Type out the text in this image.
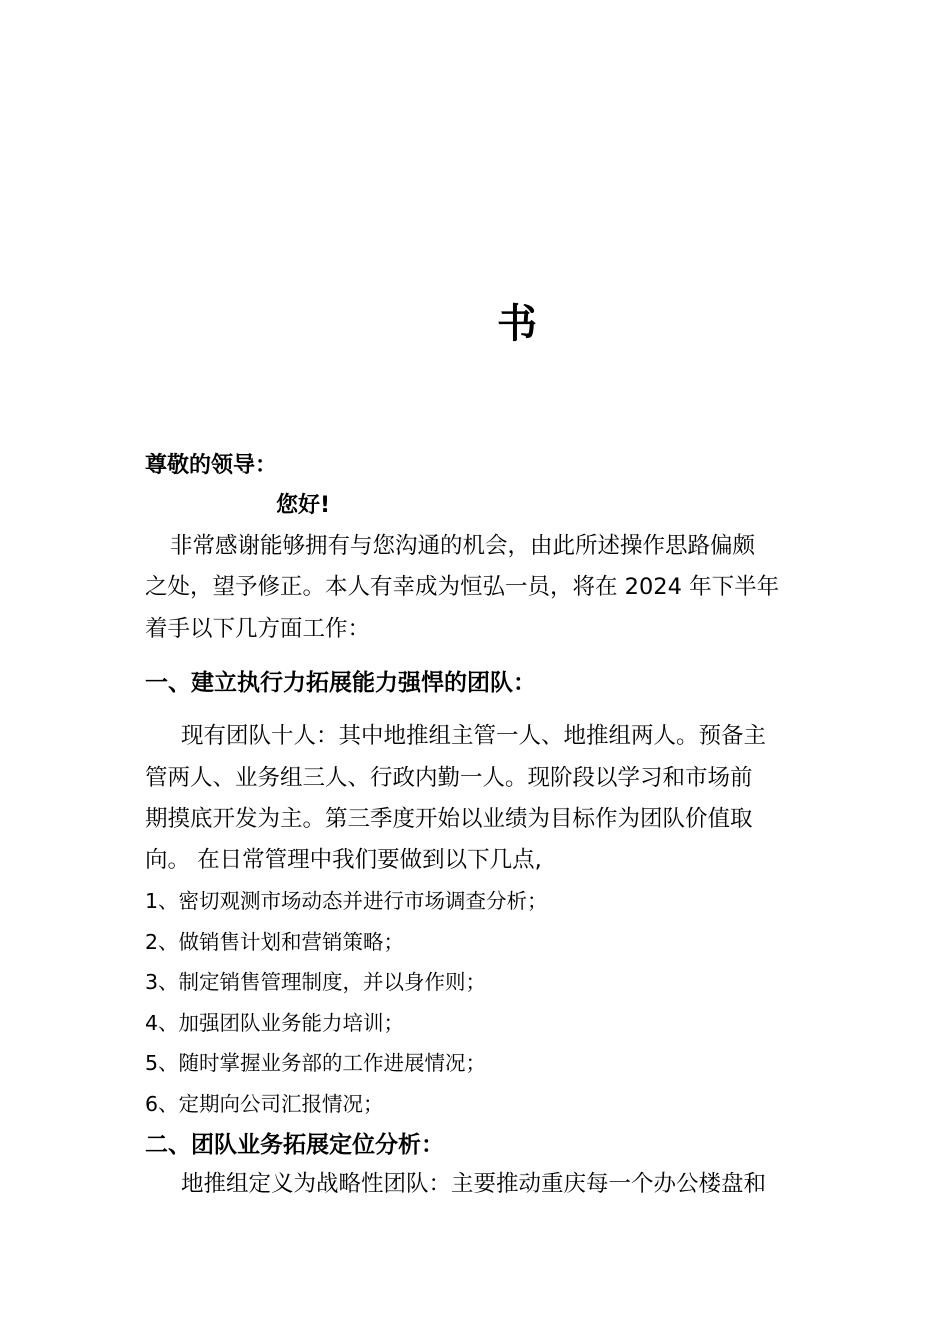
书
尊敬的领导：
您好!
非常感谢能够拥有与您沟通的机会，由此所述操作思路偏颇
之处，望予修正。本人有幸成为恒弘一员，将在 2024 年下半年
着手以下几方面工作：
一、建立执行力拓展能力强悍的团队：
现有团队十人：其中地推组主管一人、地推组两人。预备主
管两人、业务组三人、行政内勤一人。现阶段以学习和市场前
期摸底开发为主。第三季度开始以业绩为目标作为团队价值取
向。 在日常管理中我们要做到以下几点,
1、密切观测市场动态并进行市场调查分析；
2、做销售计划和营销策略；
3、制定销售管理制度，并以身作则；
4、加强团队业务能力培训；
5、随时掌握业务部的工作进展情况；
6、定期向公司汇报情况；
二、团队业务拓展定位分析：
地推组定义为战略性团队：主要推动重庆每一个办公楼盘和
